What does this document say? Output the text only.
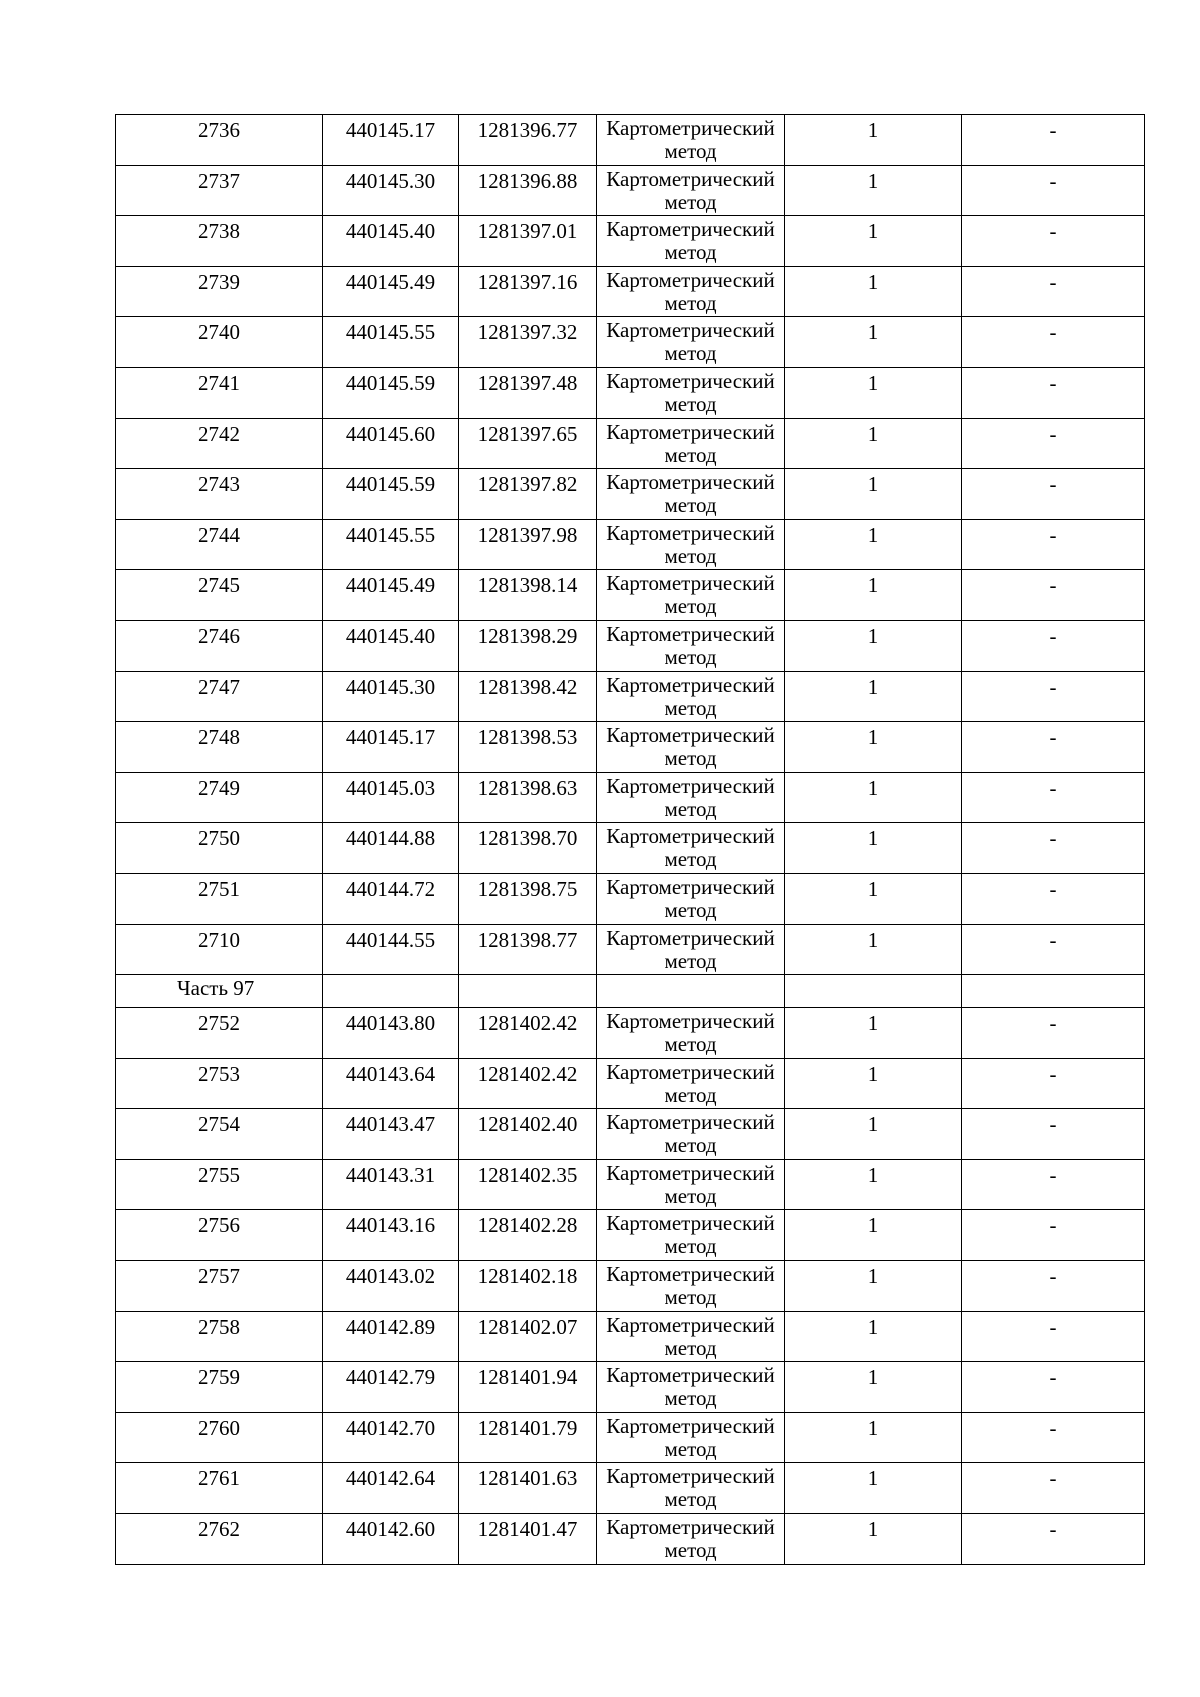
2736	440145.17	1281396.77	Картометрический метод	1	-
2737	440145.30	1281396.88	Картометрический метод	1	-
2738	440145.40	1281397.01	Картометрический метод	1	-
2739	440145.49	1281397.16	Картометрический метод	1	-
2740	440145.55	1281397.32	Картометрический метод	1	-
2741	440145.59	1281397.48	Картометрический метод	1	-
2742	440145.60	1281397.65	Картометрический метод	1	-
2743	440145.59	1281397.82	Картометрический метод	1	-
2744	440145.55	1281397.98	Картометрический метод	1	-
2745	440145.49	1281398.14	Картометрический метод	1	-
2746	440145.40	1281398.29	Картометрический метод	1	-
2747	440145.30	1281398.42	Картометрический метод	1	-
2748	440145.17	1281398.53	Картометрический метод	1	-
2749	440145.03	1281398.63	Картометрический метод	1	-
2750	440144.88	1281398.70	Картометрический метод	1	-
2751	440144.72	1281398.75	Картометрический метод	1	-
2710	440144.55	1281398.77	Картометрический метод	1	-
Часть 97					
2752	440143.80	1281402.42	Картометрический метод	1	-
2753	440143.64	1281402.42	Картометрический метод	1	-
2754	440143.47	1281402.40	Картометрический метод	1	-
2755	440143.31	1281402.35	Картометрический метод	1	-
2756	440143.16	1281402.28	Картометрический метод	1	-
2757	440143.02	1281402.18	Картометрический метод	1	-
2758	440142.89	1281402.07	Картометрический метод	1	-
2759	440142.79	1281401.94	Картометрический метод	1	-
2760	440142.70	1281401.79	Картометрический метод	1	-
2761	440142.64	1281401.63	Картометрический метод	1	-
2762	440142.60	1281401.47	Картометрический метод	1	-
